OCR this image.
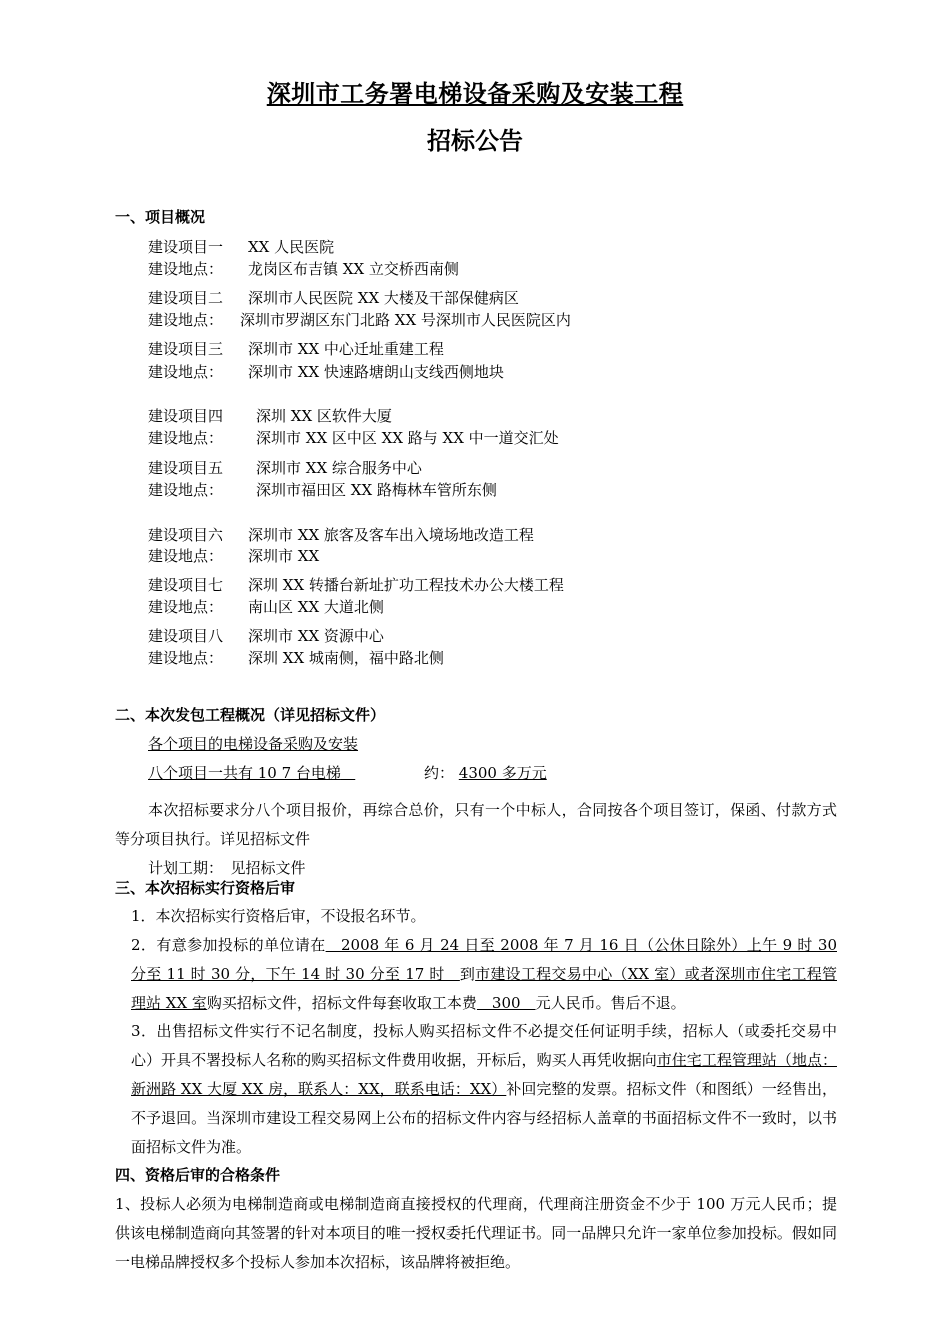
深圳市工务署电梯设备采购及安装工程
招标公告
一、项目概况
建设项目一 XX 人民医院
建设地点： 龙岗区布吉镇 XX 立交桥西南侧
建设项目二 深圳市人民医院 XX 大楼及干部保健病区
建设地点： 深圳市罗湖区东门北路 XX 号深圳市人民医院区内
建设项目三 深圳市 XX 中心迁址重建工程
建设地点： 深圳市 XX 快速路塘朗山支线西侧地块
建设项目四 深圳 XX 区软件大厦
建设地点： 深圳市 XX 区中区 XX 路与 XX 中一道交汇处
建设项目五 深圳市 XX 综合服务中心
建设地点： 深圳市福田区 XX 路梅林车管所东侧
建设项目六 深圳市 XX 旅客及客车出入境场地改造工程
建设地点： 深圳市 XX
建设项目七 深圳 XX 转播台新址扩功工程技术办公大楼工程
建设地点： 南山区 XX 大道北侧
建设项目八 深圳市 XX 资源中心
建设地点： 深圳 XX 城南侧，福中路北侧
二、本次发包工程概况（详见招标文件）
各个项目的电梯设备采购及安装
八个项目一共有 10 7 台电梯	约： 4300 多万元
本次招标要求分八个项目报价，再综合总价，只有一个中标人，合同按各个项目签订，保函、付款方式等分项目执行。详见招标文件
计划工期：　见招标文件
三、本次招标实行资格后审
1．本次招标实行资格后审，不设报名环节。
2．有意参加投标的单位请在　2008 年 6 月 24 日至 2008 年 7 月 16 日（公休日除外）上午 9 时 30 分至 11 时 30 分，下午 14 时 30 分至 17 时　到市建设工程交易中心（XX 室）或者深圳市住宅工程管理站 XX 室购买招标文件，招标文件每套收取工本费　300　元人民币。售后不退。
3．出售招标文件实行不记名制度，投标人购买招标文件不必提交任何证明手续，招标人（或委托交易中心）开具不署投标人名称的购买招标文件费用收据，开标后，购买人再凭收据向市住宅工程管理站（地点：新洲路 XX 大厦 XX 房，联系人：XX，联系电话：XX）补回完整的发票。招标文件（和图纸）一经售出，不予退回。当深圳市建设工程交易网上公布的招标文件内容与经招标人盖章的书面招标文件不一致时，以书面招标文件为准。
四、资格后审的合格条件
1、投标人必须为电梯制造商或电梯制造商直接授权的代理商，代理商注册资金不少于 100 万元人民币；提供该电梯制造商向其签署的针对本项目的唯一授权委托代理证书。同一品牌只允许一家单位参加投标。假如同一电梯品牌授权多个投标人参加本次招标，该品牌将被拒绝。
